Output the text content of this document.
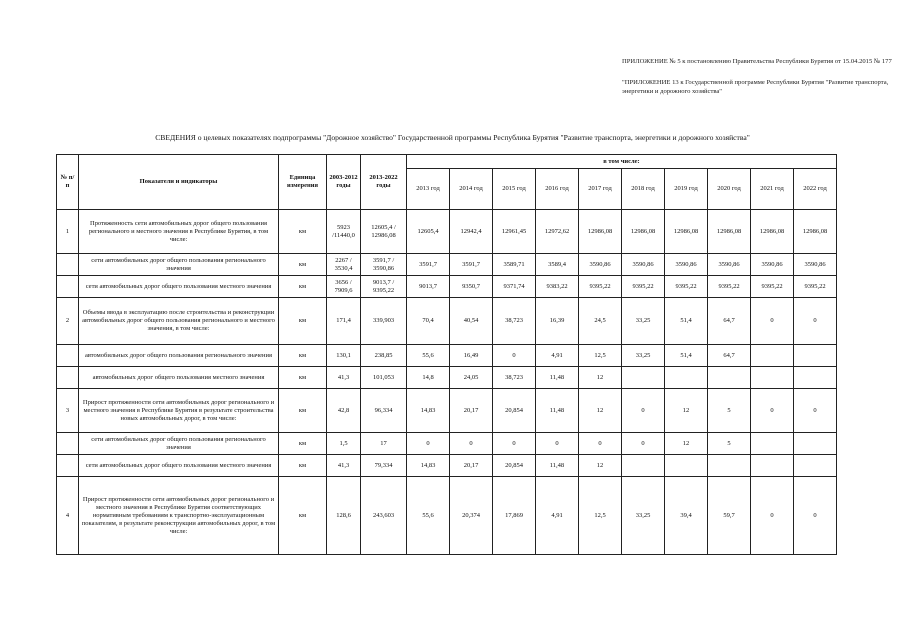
ПРИЛОЖЕНИЕ № 5 к постановлению Правительства Республики Бурятия от 15.04.2015 № 177

"ПРИЛОЖЕНИЕ 13 к Государственной программе Республики Бурятия "Развитие транспорта, энергетики и дорожного хозяйства"

СВЕДЕНИЯ о целевых показателях подпрограммы "Дорожное хозяйство" Государственной программы Республика Бурятия "Развитие транспорта, энергетики и дорожного хозяйства"
№ п/п	Показатели и индикаторы	Единица измерения	2003-2012 годы	2013-2022 годы	в том числе:									
					2013 год	2014 год	2015 год	2016 год	2017 год	2018 год	2019 год	2020 год	2021 год	2022 год
1	Протяженность сети автомобильных дорог общего пользования регионального и местного значения в Республике Бурятия, в том числе:	км	5923 /11440,0	12605,4 / 12986,08	12605,4	12942,4	12961,45	12972,62	12986,08	12986,08	12986,08	12986,08	12986,08	12986,08
	сети автомобильных дорог общего пользования регионального значения	км	2267 / 3530,4	3591,7 / 3590,86	3591,7	3591,7	3589,71	3589,4	3590,86	3590,86	3590,86	3590,86	3590,86	3590,86
	сети автомобильных дорог общего пользования местного значения	км	3656 / 7909,6	9013,7 / 9395,22	9013,7	9350,7	9371,74	9383,22	9395,22	9395,22	9395,22	9395,22	9395,22	9395,22
2	Объемы ввода в эксплуатацию после строительства и реконструкции автомобильных дорог общего пользования регионального и местного значения, в том числе:	км	171,4	339,903	70,4	40,54	38,723	16,39	24,5	33,25	51,4	64,7	0	0
	автомобильных дорог общего пользования регионального значения	км	130,1	238,85	55,6	16,49	0	4,91	12,5	33,25	51,4	64,7		
	автомобильных дорог общего пользования местного значения	км	41,3	101,053	14,8	24,05	38,723	11,48	12					
3	Прирост протяженности сети автомобильных дорог регионального и местного значения в Республике Бурятия в результате строительства новых автомобильных дорог, в том числе:	км	42,8	96,334	14,83	20,17	20,854	11,48	12	0	12	5	0	0
	сети автомобильных дорог общего пользования регионального значения	км	1,5	17	0	0	0	0	0	0	12	5		
	сети автомобильных дорог общего пользования местного значения	км	41,3	79,334	14,83	20,17	20,854	11,48	12					
4	Прирост протяженности сети автомобильных дорог регионального и местного значения в Республике Бурятия соответствующих нормативным требованиям к транспортно-эксплуатационным показателям, в результате реконструкции автомобильных дорог, в том числе:	км	128,6	243,603	55,6	20,374	17,869	4,91	12,5	33,25	39,4	59,7	0	0
